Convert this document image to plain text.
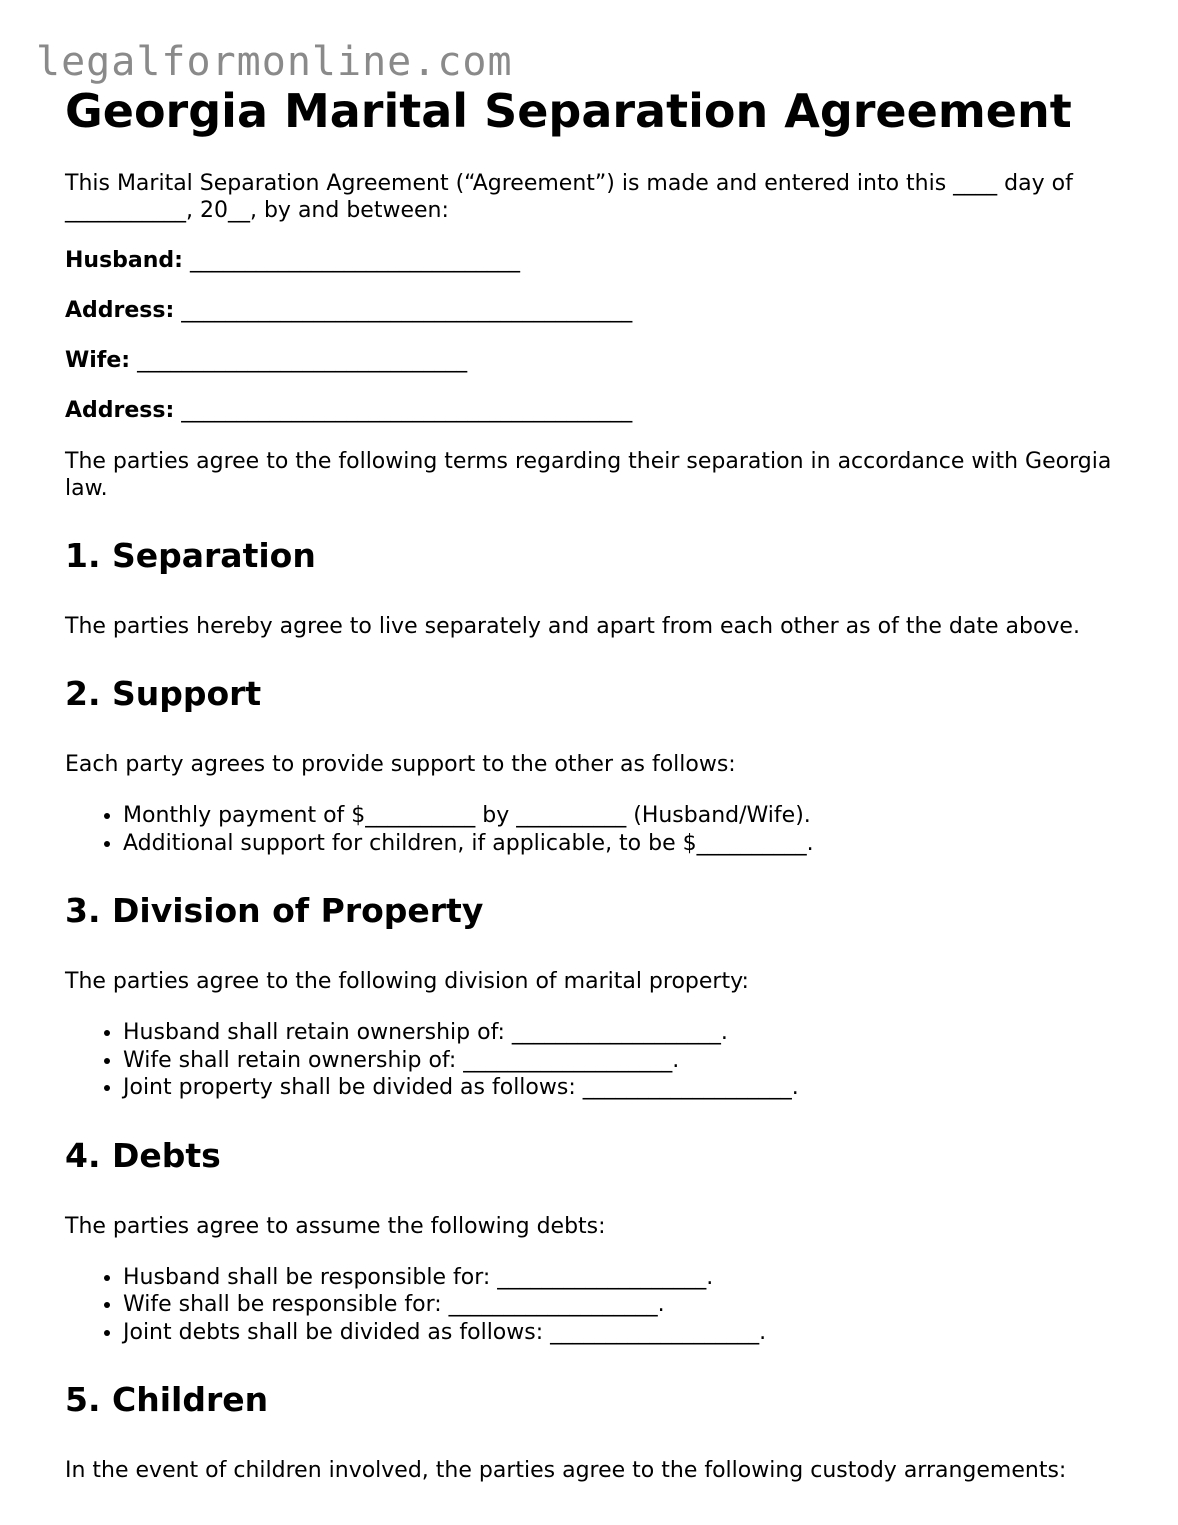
legalformonline.com
Georgia Marital Separation Agreement

This Marital Separation Agreement (“Agreement”) is made and entered into this ____ day of ___________, 20__, by and between:

Husband: ______________________________
Address: _________________________________________
Wife: ______________________________
Address: _________________________________________

The parties agree to the following terms regarding their separation in accordance with Georgia law.

1. Separation

The parties hereby agree to live separately and apart from each other as of the date above.

2. Support

Each party agrees to provide support to the other as follows:

• Monthly payment of $__________ by __________ (Husband/Wife).
• Additional support for children, if applicable, to be $__________.
3. Division of Property

The parties agree to the following division of marital property:

• Husband shall retain ownership of: ___________________.
• Wife shall retain ownership of: ___________________.
• Joint property shall be divided as follows: ___________________.
4. Debts

The parties agree to assume the following debts:

• Husband shall be responsible for: ___________________.
• Wife shall be responsible for: ___________________.
• Joint debts shall be divided as follows: ___________________.
5. Children

In the event of children involved, the parties agree to the following custody arrangements:
